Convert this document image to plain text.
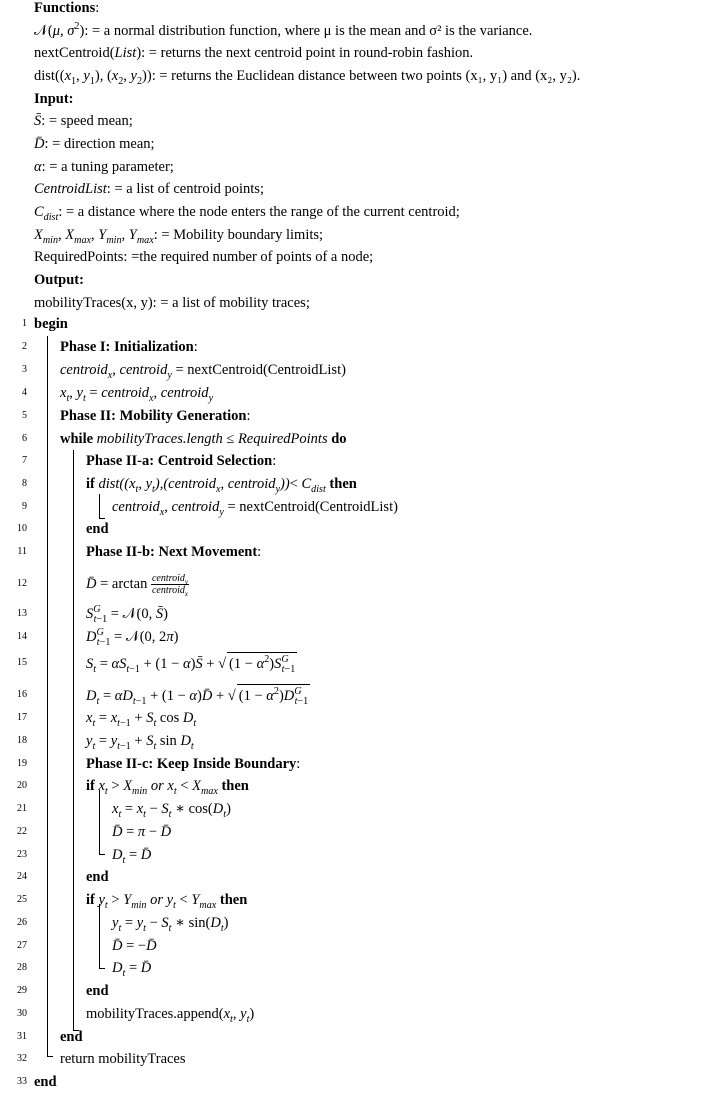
Functions:
𝒩(μ, $\sigma^2$): = a normal distribution function, where μ is the mean and σ² is the variance.
nextCentroid(List): = returns the next centroid point in round-robin fashion.
$dist((x_1$, $y_1$), ($x_2$, $y_2$)): = returns the Euclidean distance between two points (x₁, y₁) and (x₂, y₂).
Input:
S̄: = speed mean;
D̄: = direction mean;
α: = a tuning parameter;
CentroidList: = a list of centroid points;
$C_{dist}$: = a distance where the node enters the range of the current centroid;
$X_{min}$, $X_{max}$, $Y_{min}$, $Y_{max}$: = Mobility boundary limits;
RequiredPoints: =the required number of points of a node;
Output:
mobilityTraces(x, y): = a list of mobility traces;
1 begin
2 Phase I: Initialization:
3 centroid$_x$, centroid$_y$ = nextCentroid(CentroidList)
4 $x_t$, $y_t$ = centroid$_x$, centroid$_y$
5 Phase II: Mobility Generation:
6 while mobilityTraces.length ≤ RequiredPoints do
7	Phase II-a: Centroid Selection:
8	if $dist((x_t$, $y_t),(centroid_x$, centroid$_y$))< $C_{dist}$ then
9	centroid$_x$, centroid$_y$ = nextCentroid(CentroidList)
10	end
11	Phase II-b: Next Movement:
12	D̄ = $\arctan \frac{centroid_y}{centroid_x}$
13	$S^G_{t-1}$ = 𝒩(0, S̄)
14	$D^G_{t-1}$ = 𝒩(0, 2π)
15	$S_t = \alpha S_{t-1} + (1$ − α)S̄ + √ $(1 - \alpha^2)S^G_{t-1}$
16	$D_t = \alpha D_{t-1} + (1$ − α)D̄ + √ $(1 - \alpha^2)D^G_{t-1}$
17	$x_t = x_{t-1} + S_t$ $\cos D_t$
18	$y_t = y_{t-1} + S_t$ $\sin D_t$
19	Phase II-c: Keep Inside Boundary:
20	if $x_t > X_{min}$ or $x_t < X_{max}$ then
21	$x_t = x_t - S_t$ ∗ $\cos(D_t)$
22	D̄ = π − D̄
23	$D_t$ = D̄
24	end
25	if $y_t > Y_{min}$ or $y_t < Y_{max}$ then
26	$y_t = y_t - S_t$ ∗ $\sin(D_t)$
27	D̄ = −D̄
28	$D_t$ = D̄
29	end
30	$mobilityTraces.append(x_t$, $y_t$)
31 end
32 return mobilityTraces
33 end
